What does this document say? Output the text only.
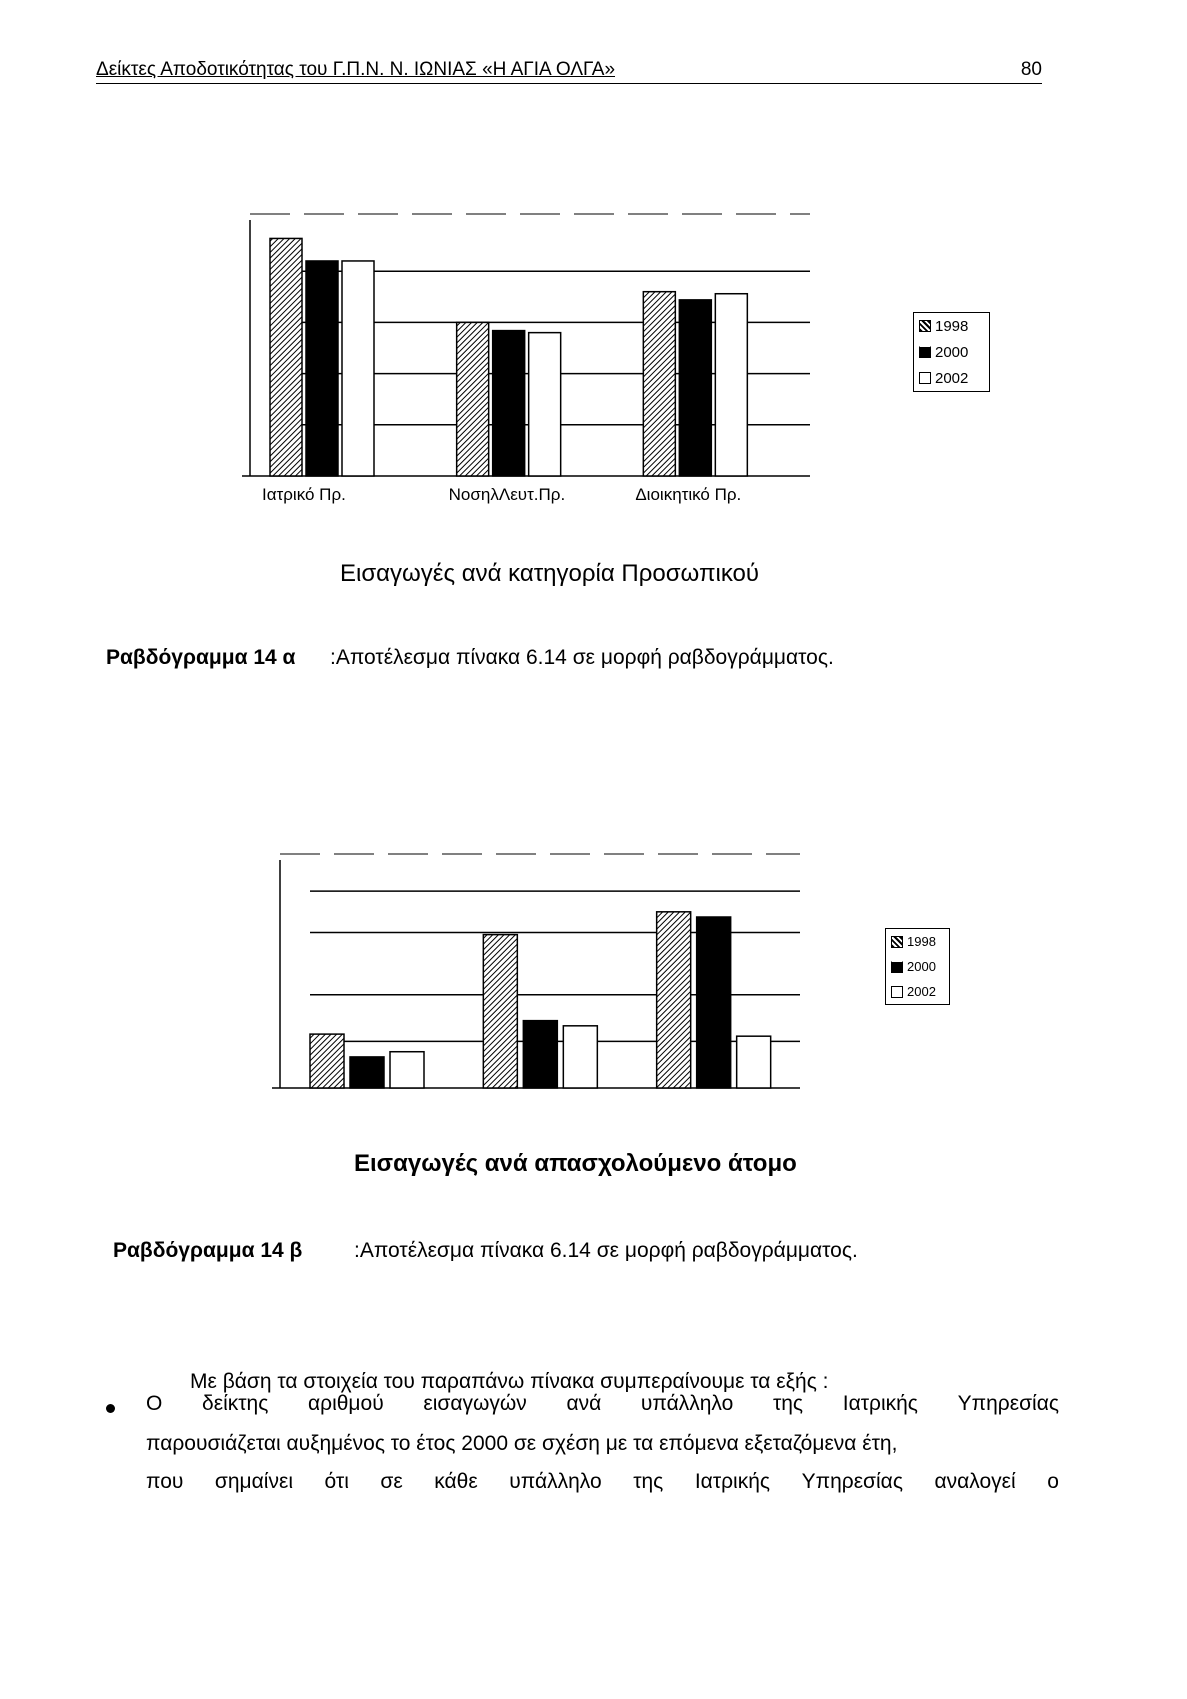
Δείκτες Αποδοτικότητας του Γ.Π.Ν. Ν. ΙΩΝΙΑΣ «Η ΑΓΙΑ ΟΛΓΑ»	80
Ιατρικό Πρ.	ΝοσηλΛευτ.Πρ.	Διοικητικό Πρ.
1998
2000
2002
Εισαγωγές ανά κατηγορία Προσωπικού
Ραβδόγραμμα 14 α :Αποτέλεσμα πίνακα 6.14 σε μορφή ραβδογράμματος.
1998
2000
2002
Εισαγωγές ανά απασχολούμενο άτομο
Ραβδόγραμμα 14 β :Αποτέλεσμα πίνακα 6.14 σε μορφή ραβδογράμματος.
Με βάση τα στοιχεία του παραπάνω πίνακα συμπεραίνουμε τα εξής :
Ο δείκτης αριθμού εισαγωγών ανά υπάλληλο της Ιατρικής Υπηρεσίας
παρουσιάζεται αυξημένος το έτος 2000 σε σχέση με τα επόμενα εξεταζόμενα έτη,
που σημαίνει ότι σε κάθε υπάλληλο της Ιατρικής Υπηρεσίας αναλογεί ο
